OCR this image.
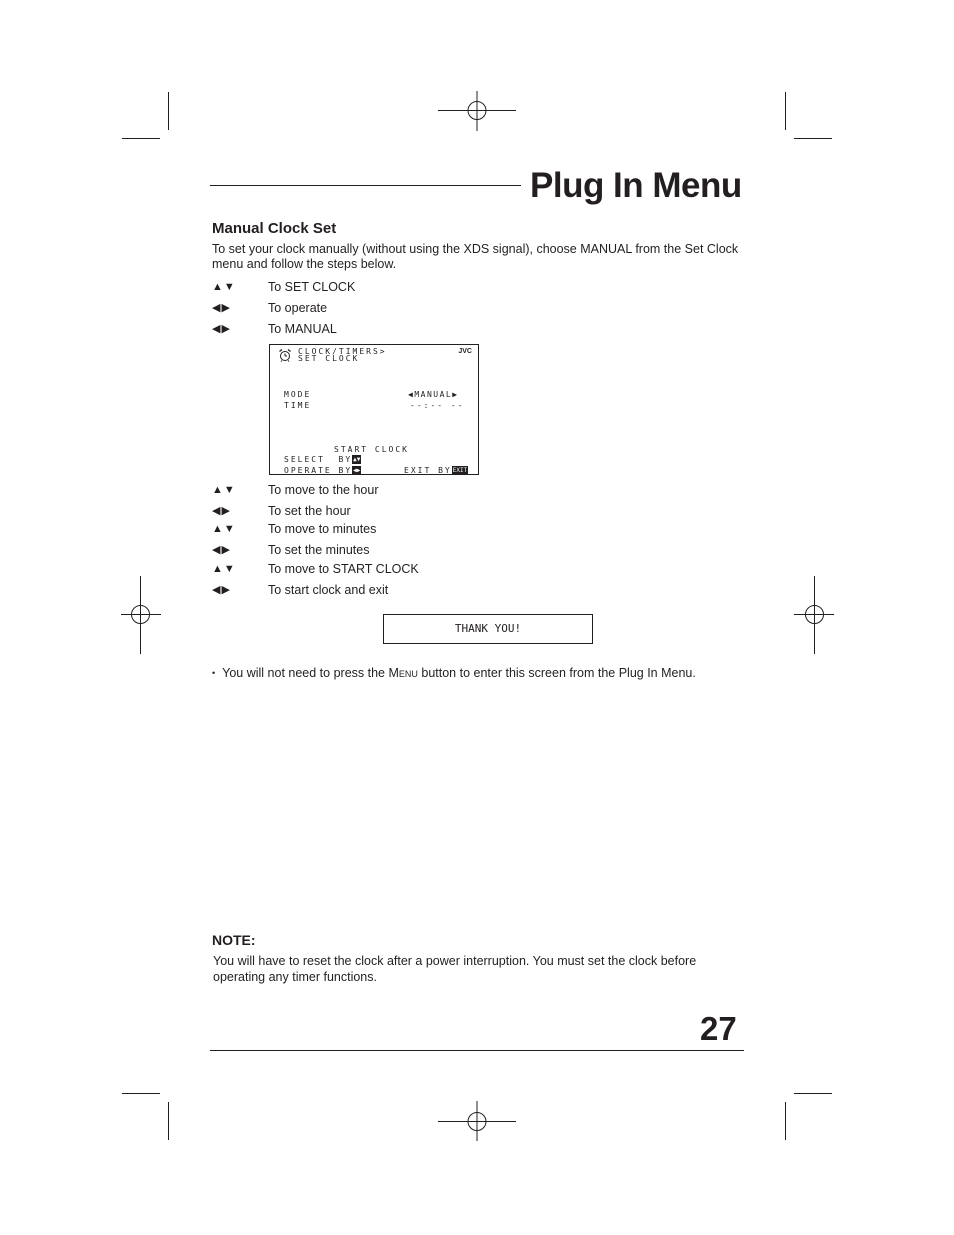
Plug In Menu
Manual Clock Set
To set your clock manually (without using the XDS signal), choose MANUAL from the Set Clock menu and follow the steps below.
▲▼	To SET CLOCK
◀▶	To operate
◀▶	To MANUAL
CLOCK/TIMERS>
SET CLOCK
JVC
MODE	◀MANUAL▶
TIME	--:-- --
START CLOCK
SELECT  BY▲▼
OPERATE BY◀▶	EXIT BYEXIT
▲▼	To move to the hour
◀▶	To set the hour
▲▼	To move to minutes
◀▶	To set the minutes
▲▼	To move to START CLOCK
◀▶	To start clock and exit
THANK YOU!
• You will not need to press the Menu button to enter this screen from the Plug In Menu.
NOTE:
You will have to reset the clock after a power interruption. You must set the clock before operating any timer functions.
27
